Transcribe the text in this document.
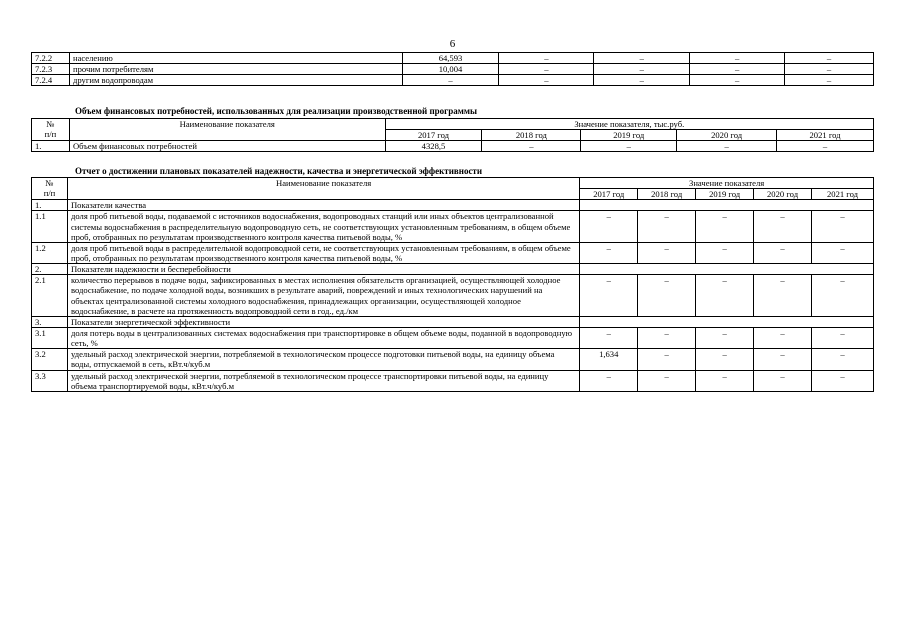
6
7.2.2	населению	64,593	–	–	–	–
7.2.3	прочим потребителям	10,004	–	–	–	–
7.2.4	другим водопроводам	–	–	–	–	–
Объем финансовых потребностей, использованных для реализации производственной программы
№
п/п	Наименование показателя	Значение показателя, тыс.руб.				
		2017 год	2018 год	2019 год	2020 год	2021 год
1.	Объем финансовых потребностей	4328,5	–	–	–	–
Отчет о достижении плановых показателей надежности, качества и энергетической эффективности
№
п/п	Наименование показателя	Значение показателя				
		2017 год	2018 год	2019 год	2020 год	2021 год
1.	Показатели качества					
1.1	доля проб питьевой воды, подаваемой с источников водоснабжения, водопроводных станций или иных объектов централизованной системы водоснабжения в распределительную водопроводную сеть, не соответствующих установленным требованиям, в общем объеме проб, отобранных по результатам производственного контроля качества питьевой воды, %	–	–	–	–	–
1.2	доля проб питьевой воды в распределительной водопроводной сети, не соответствующих установленным требованиям, в общем объеме проб, отобранных по результатам производственного контроля качества питьевой воды, %	–	–	–	–	–
2.	Показатели надежности и бесперебойности					
2.1	количество перерывов в подаче воды, зафиксированных в местах исполнения обязательств организацией, осуществляющей холодное водоснабжение, по подаче холодной воды, возникших в результате аварий, повреждений и иных технологических нарушений на объектах централизованной системы холодного водоснабжения, принадлежащих организации, осуществляющей холодное водоснабжение, в расчете на протяженность водопроводной сети в год., ед./км	–	–	–	–	–
3.	Показатели энергетической эффективности					
3.1	доля потерь воды в централизованных системах водоснабжения при транспортировке в общем объеме воды, поданной в водопроводную сеть, %	–	–	–	–	–
3.2	удельный расход электрической энергии, потребляемой в технологическом процессе подготовки питьевой воды, на единицу объема воды, отпускаемой в сеть, кВт.ч/куб.м	1,634	–	–	–	–
3.3	удельный расход электрической энергии, потребляемой в технологическом процессе транспортировки питьевой воды, на единицу объема транспортируемой воды, кВт.ч/куб.м	–	–	–	–	–
